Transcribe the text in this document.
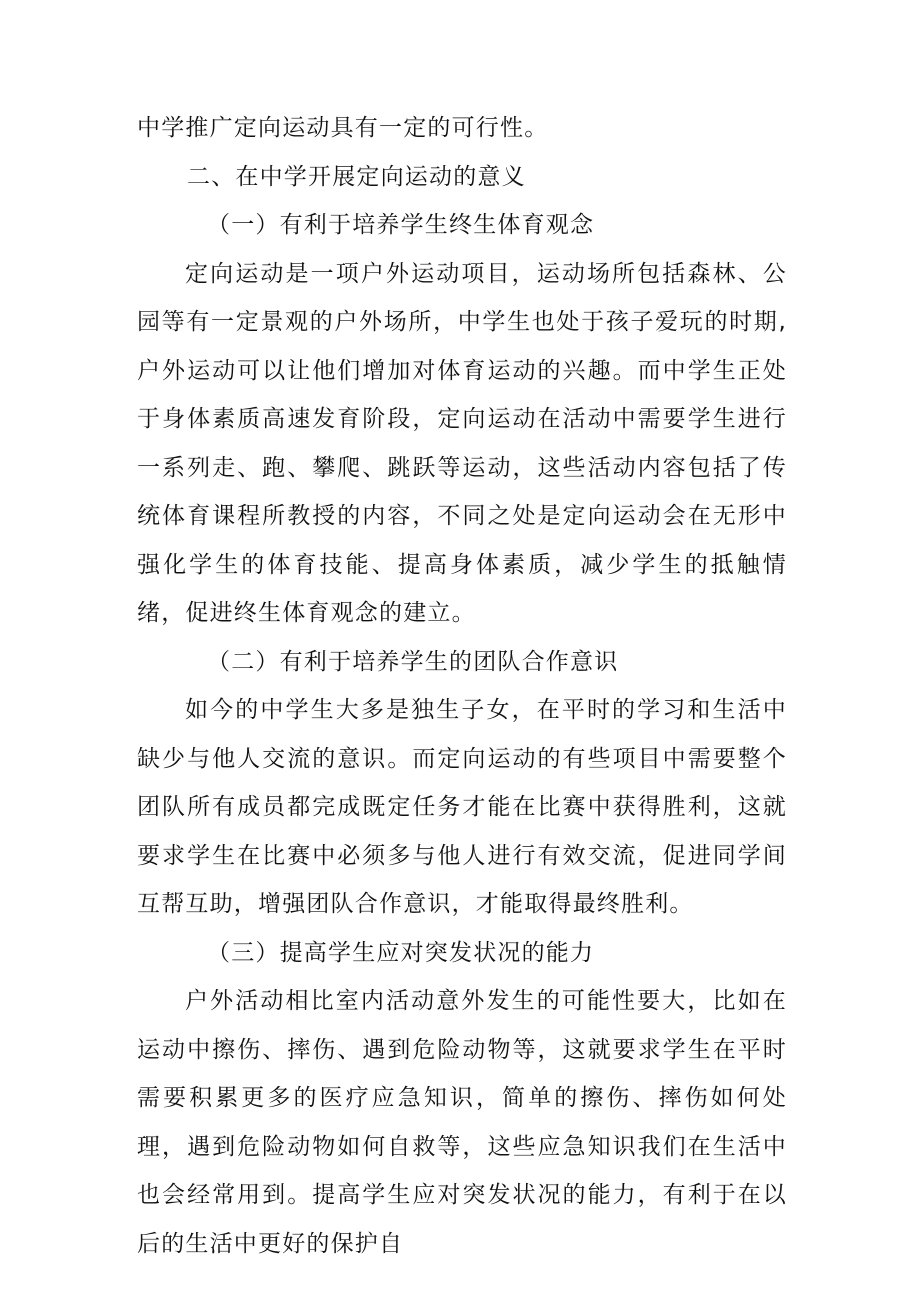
中学推广定向运动具有一定的可行性。

二、在中学开展定向运动的意义

（一）有利于培养学生终生体育观念

定向运动是一项户外运动项目，运动场所包括森林、公园等有一定景观的户外场所，中学生也处于孩子爱玩的时期,户外运动可以让他们增加对体育运动的兴趣。而中学生正处于身体素质高速发育阶段，定向运动在活动中需要学生进行一系列走、跑、攀爬、跳跃等运动，这些活动内容包括了传统体育课程所教授的内容，不同之处是定向运动会在无形中强化学生的体育技能、提高身体素质，减少学生的抵触情绪，促进终生体育观念的建立。

（二）有利于培养学生的团队合作意识

如今的中学生大多是独生子女，在平时的学习和生活中缺少与他人交流的意识。而定向运动的有些项目中需要整个团队所有成员都完成既定任务才能在比赛中获得胜利，这就要求学生在比赛中必须多与他人进行有效交流，促进同学间互帮互助，增强团队合作意识，才能取得最终胜利。

（三）提高学生应对突发状况的能力

户外活动相比室内活动意外发生的可能性要大，比如在运动中擦伤、摔伤、遇到危险动物等，这就要求学生在平时需要积累更多的医疗应急知识，简单的擦伤、摔伤如何处理，遇到危险动物如何自救等，这些应急知识我们在生活中也会经常用到。提高学生应对突发状况的能力，有利于在以后的生活中更好的保护自
